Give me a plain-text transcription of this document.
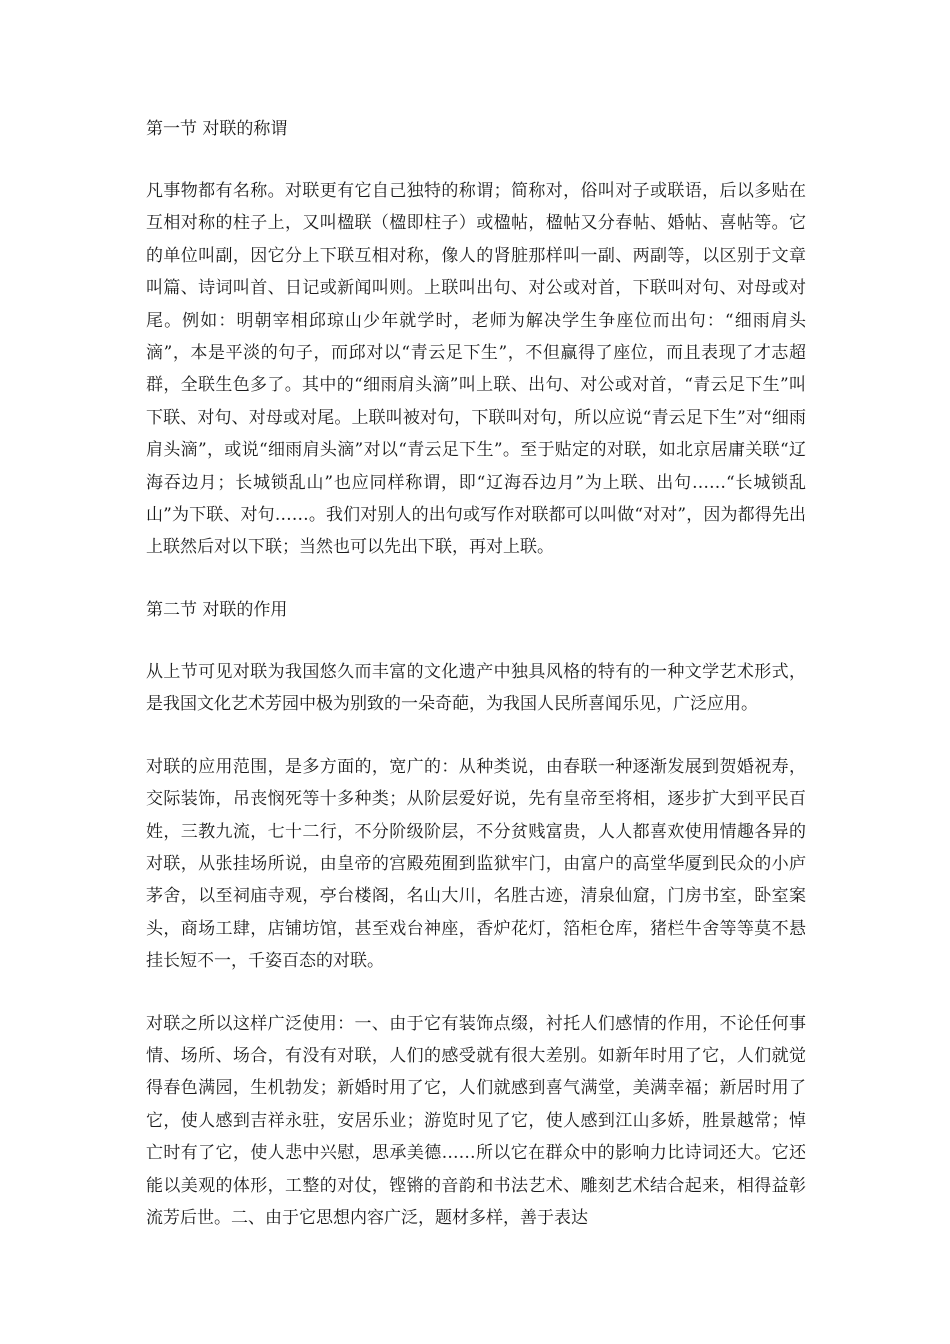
第一节 对联的称谓

凡事物都有名称。对联更有它自己独特的称谓；简称对，俗叫对子或联语，后以多贴在互相对称的柱子上，又叫楹联（楹即柱子）或楹帖，楹帖又分春帖、婚帖、喜帖等。它的单位叫副，因它分上下联互相对称，像人的肾脏那样叫一副、两副等，以区别于文章叫篇、诗词叫首、日记或新闻叫则。上联叫出句、对公或对首，下联叫对句、对母或对尾。例如：明朝宰相邱琼山少年就学时，老师为解决学生争座位而出句：“细雨肩头滴”，本是平淡的句子，而邱对以“青云足下生”，不但赢得了座位，而且表现了才志超群，全联生色多了。其中的“细雨肩头滴”叫上联、出句、对公或对首，“青云足下生”叫下联、对句、对母或对尾。上联叫被对句，下联叫对句，所以应说“青云足下生”对“细雨肩头滴”，或说“细雨肩头滴”对以“青云足下生”。至于贴定的对联，如北京居庸关联“辽海吞边月；长城锁乱山”也应同样称谓，即“辽海吞边月”为上联、出句……“长城锁乱山”为下联、对句……。我们对别人的出句或写作对联都可以叫做“对对”，因为都得先出上联然后对以下联；当然也可以先出下联，再对上联。

第二节 对联的作用

从上节可见对联为我国悠久而丰富的文化遗产中独具风格的特有的一种文学艺术形式，是我国文化艺术芳园中极为别致的一朵奇葩，为我国人民所喜闻乐见，广泛应用。

对联的应用范围，是多方面的，宽广的：从种类说，由春联一种逐渐发展到贺婚祝寿，交际装饰，吊丧悯死等十多种类；从阶层爱好说，先有皇帝至将相，逐步扩大到平民百姓，三教九流，七十二行，不分阶级阶层，不分贫贱富贵，人人都喜欢使用情趣各异的对联，从张挂场所说，由皇帝的宫殿苑囿到监狱牢门，由富户的高堂华厦到民众的小庐茅舍，以至祠庙寺观，亭台楼阁，名山大川，名胜古迹，清泉仙窟，门房书室，卧室案头，商场工肆，店铺坊馆，甚至戏台神座，香炉花灯，箔柜仓库，猪栏牛舍等等莫不悬挂长短不一，千姿百态的对联。

对联之所以这样广泛使用：一、由于它有装饰点缀，衬托人们感情的作用，不论任何事情、场所、场合，有没有对联，人们的感受就有很大差别。如新年时用了它，人们就觉得春色满园，生机勃发；新婚时用了它，人们就感到喜气满堂，美满幸福；新居时用了它，使人感到吉祥永驻，安居乐业；游览时见了它，使人感到江山多娇，胜景越常；悼亡时有了它，使人悲中兴慰，思承美德……所以它在群众中的影响力比诗词还大。它还能以美观的体形，工整的对仗，铿锵的音韵和书法艺术、雕刻艺术结合起来，相得益彰流芳后世。二、由于它思想内容广泛，题材多样，善于表达
